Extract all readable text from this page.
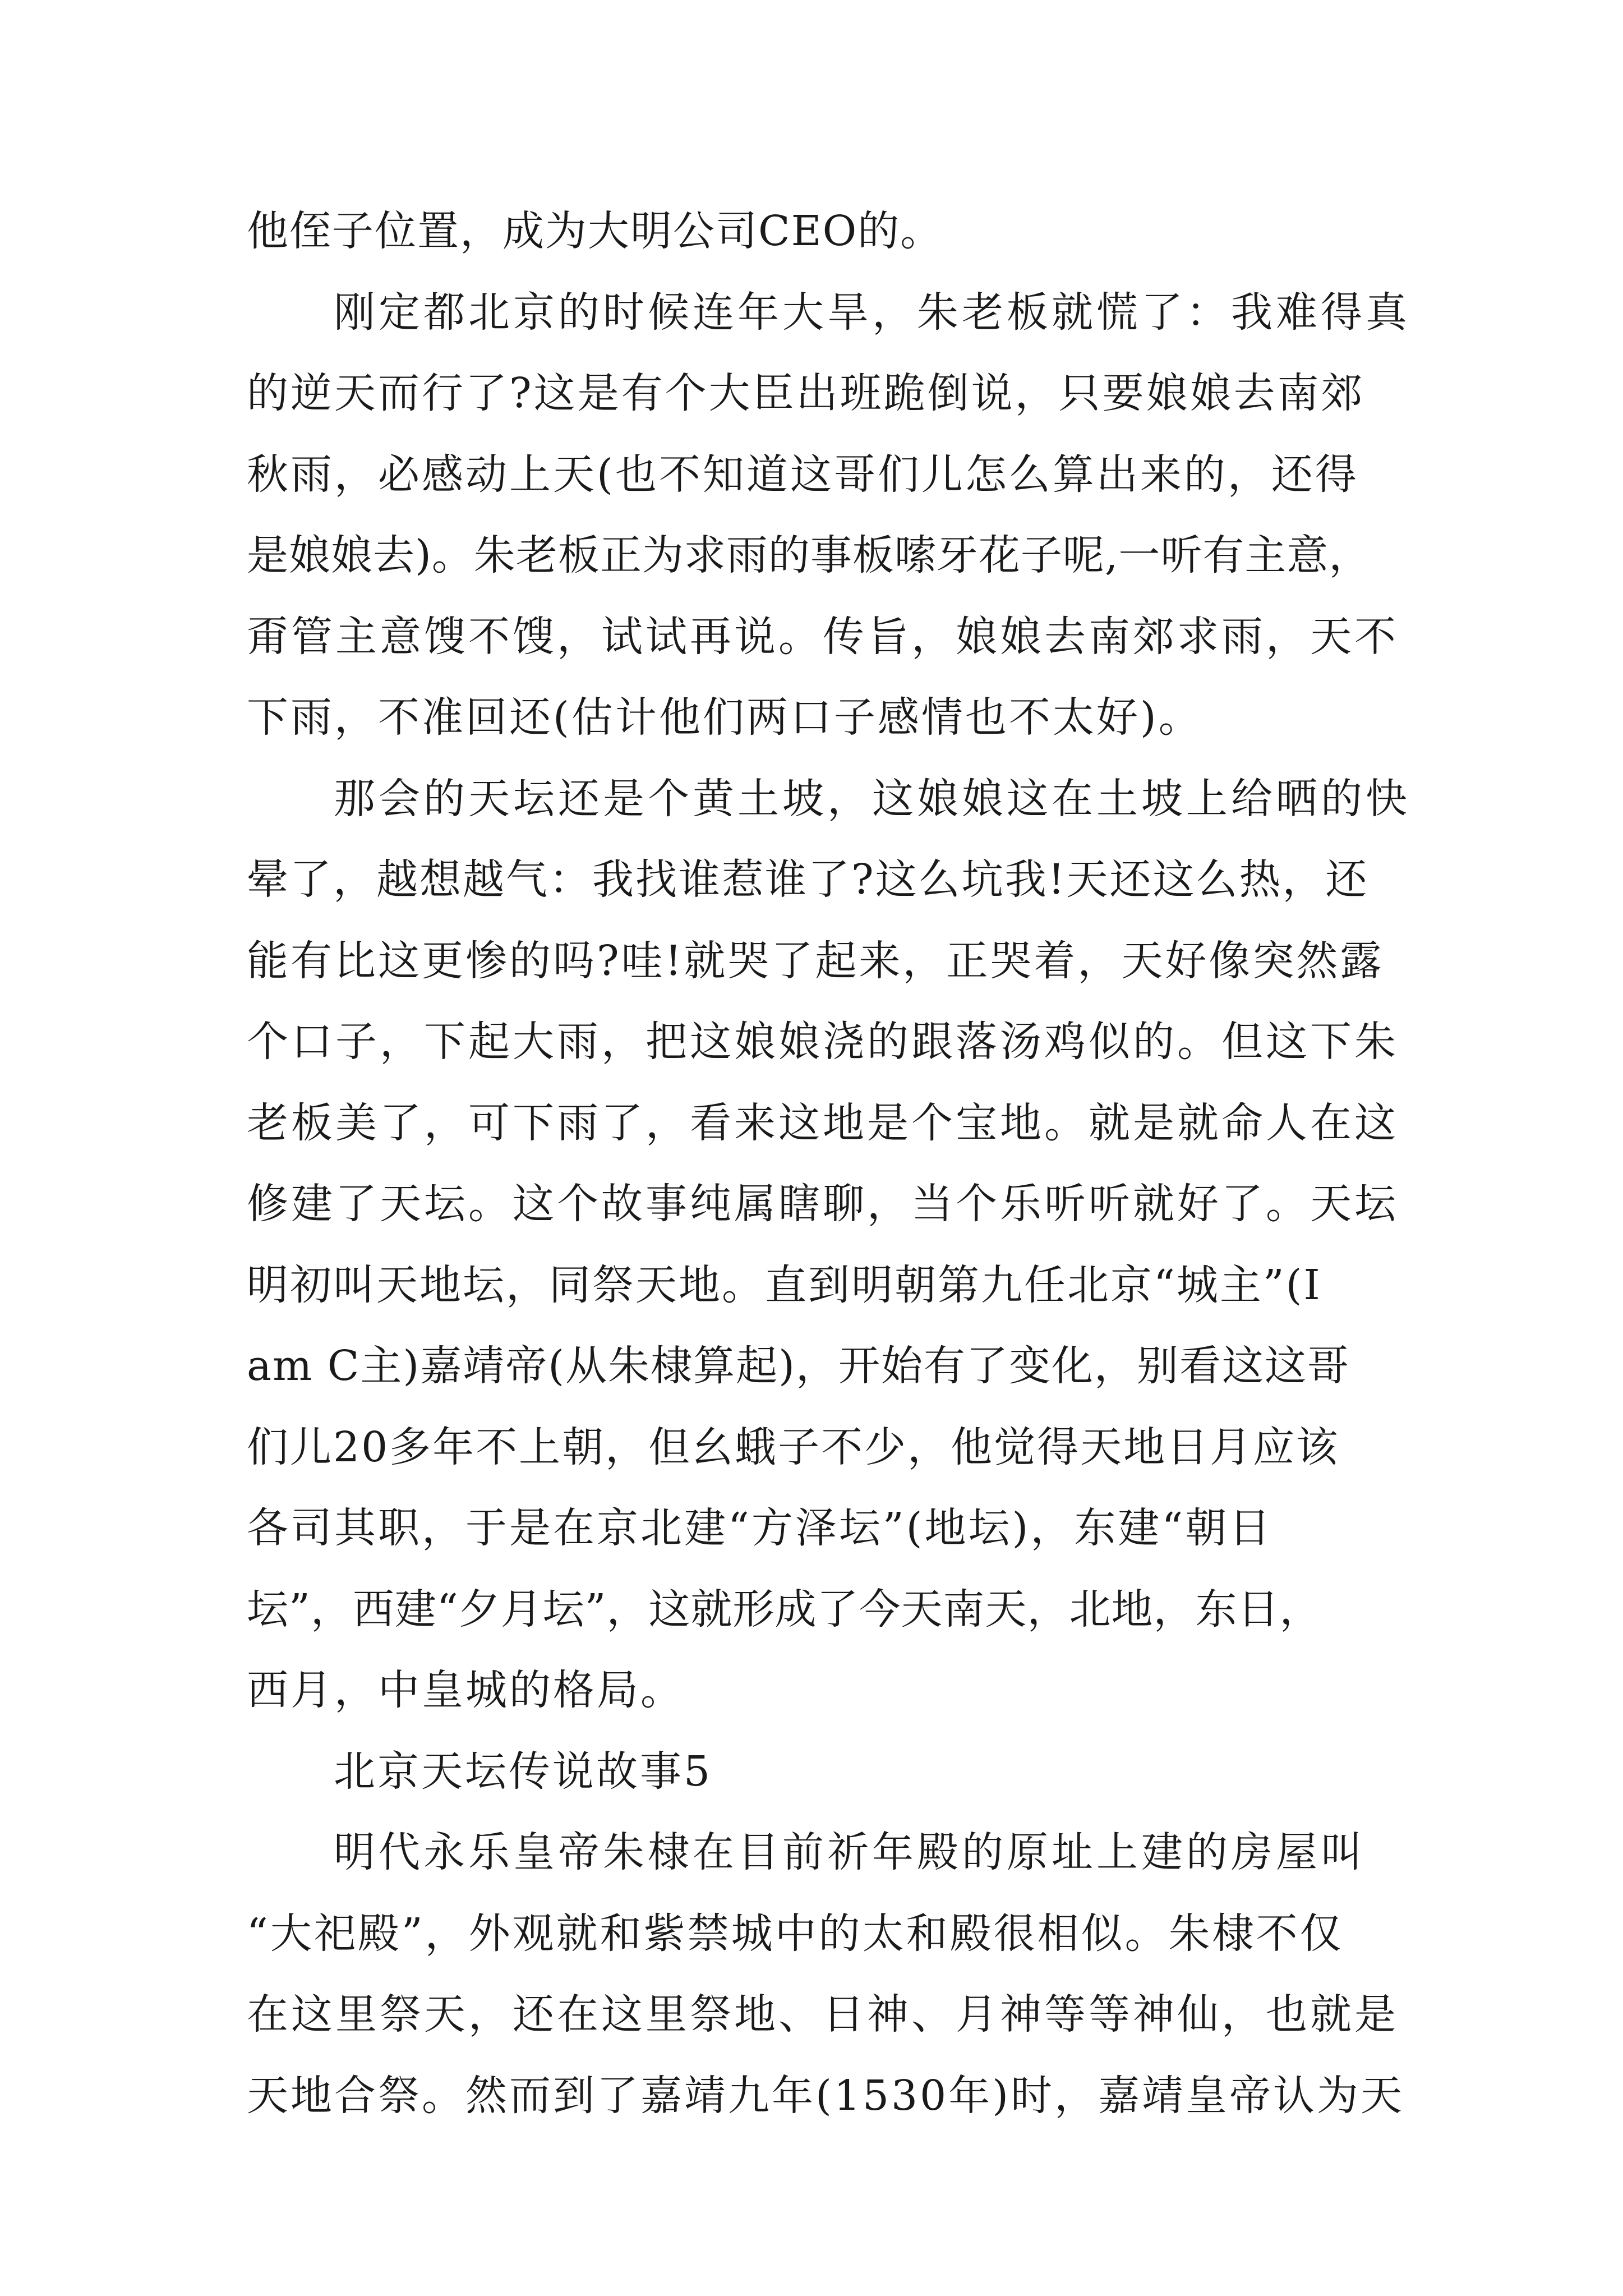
他侄子位置，成为大明公司CEO的。
刚定都北京的时候连年大旱，朱老板就慌了：我难得真
的逆天而行了?这是有个大臣出班跪倒说，只要娘娘去南郊
秋雨，必感动上天(也不知道这哥们儿怎么算出来的，还得
是娘娘去)。朱老板正为求雨的事板嗦牙花子呢,一听有主意，
甭管主意馊不馊，试试再说。传旨，娘娘去南郊求雨，天不
下雨，不准回还(估计他们两口子感情也不太好)。
那会的天坛还是个黄土坡，这娘娘这在土坡上给晒的快
晕了，越想越气：我找谁惹谁了?这么坑我!天还这么热，还
能有比这更惨的吗?哇!就哭了起来，正哭着，天好像突然露
个口子，下起大雨，把这娘娘浇的跟落汤鸡似的。但这下朱
老板美了，可下雨了，看来这地是个宝地。就是就命人在这
修建了天坛。这个故事纯属瞎聊，当个乐听听就好了。天坛
明初叫天地坛，同祭天地。直到明朝第九任北京“城主”(I
am C主)嘉靖帝(从朱棣算起)，开始有了变化，别看这这哥
们儿20多年不上朝，但幺蛾子不少，他觉得天地日月应该
各司其职，于是在京北建“方泽坛”(地坛)，东建“朝日
坛”，西建“夕月坛”，这就形成了今天南天，北地，东日，
西月，中皇城的格局。
北京天坛传说故事5
明代永乐皇帝朱棣在目前祈年殿的原址上建的房屋叫
“大祀殿”，外观就和紫禁城中的太和殿很相似。朱棣不仅
在这里祭天，还在这里祭地、日神、月神等等神仙，也就是
天地合祭。然而到了嘉靖九年(1530年)时，嘉靖皇帝认为天
